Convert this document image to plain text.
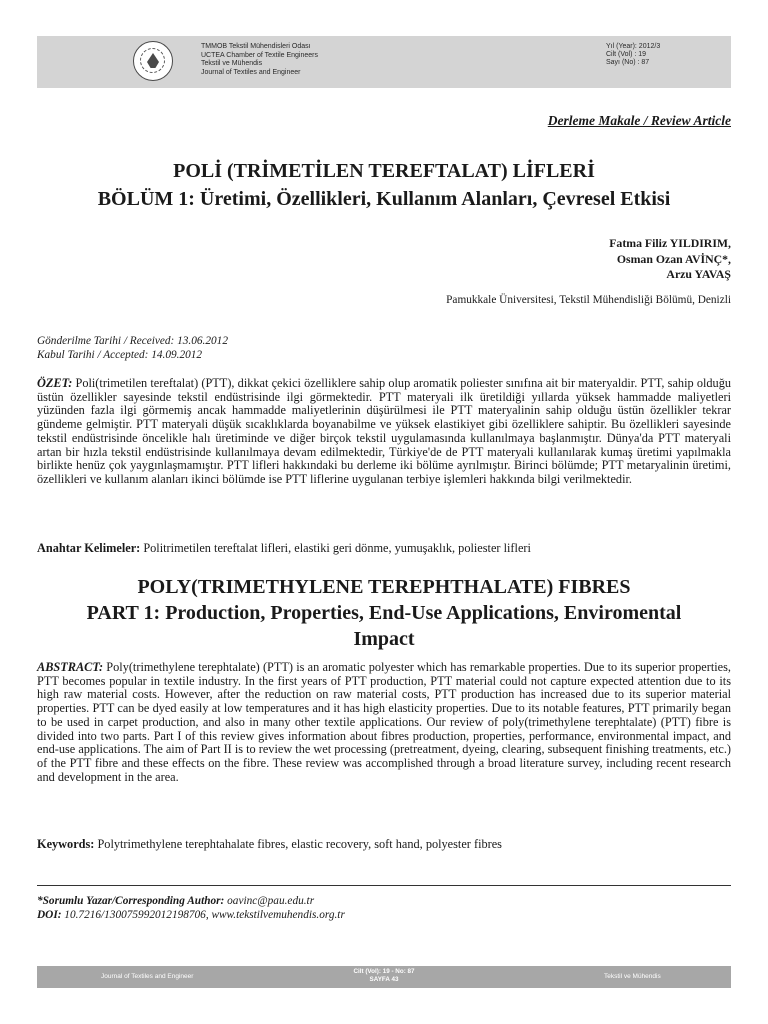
TMMOB Tekstil Mühendisleri Odası
UCTEA Chamber of Textile Engineers
Tekstil ve Mühendis
Journal of Textiles and Engineer
Yıl (Year): 2012/3
Cilt (Vol) : 19
Sayı (No) : 87
Derleme Makale / Review Article
POLİ (TRİMETİLEN TEREFTALAT) LİFLERİ
BÖLÜM 1: Üretimi, Özellikleri, Kullanım Alanları, Çevresel Etkisi
Fatma Filiz YILDIRIM,
Osman Ozan AVİNÇ*,
Arzu YAVAŞ
Pamukkale Üniversitesi, Tekstil Mühendisliği Bölümü, Denizli
Gönderilme Tarihi / Received: 13.06.2012
Kabul Tarihi / Accepted: 14.09.2012
ÖZET: Poli(trimetilen tereftalat) (PTT), dikkat çekici özelliklere sahip olup aromatik poliester sınıfına ait bir materyaldir. PTT, sahip olduğu üstün özellikler sayesinde tekstil endüstrisinde ilgi görmektedir. PTT materyali ilk üretildiği yıllarda yüksek hammadde maliyetleri yüzünden fazla ilgi görmemiş ancak hammadde maliyetlerinin düşürülmesi ile PTT materyalinin sahip olduğu üstün özellikler tekrar gündeme gelmiştir. PTT materyali düşük sıcaklıklarda boyanabilme ve yüksek elastikiyet gibi özelliklere sahiptir. Bu özellikleri sayesinde tekstil endüstrisinde öncelikle halı üretiminde ve diğer birçok tekstil uygulamasında kullanılmaya başlanmıştır. Dünya'da PTT materyali artan bir hızla tekstil endüstrisinde kullanılmaya devam edilmektedir, Türkiye'de de PTT materyali kullanılarak kumaş üretimi yapılmakla birlikte henüz çok yaygınlaşmamıştır. PTT lifleri hakkındaki bu derleme iki bölüme ayrılmıştır. Birinci bölümde; PTT metaryalinin üretimi, özellikleri ve kullanım alanları ikinci bölümde ise PTT liflerine uygulanan terbiye işlemleri hakkında bilgi verilmektedir.
Anahtar Kelimeler: Politrimetilen tereftalat lifleri, elastiki geri dönme, yumuşaklık, poliester lifleri
POLY(TRIMETHYLENE TEREPHTHALATE) FIBRES
PART 1: Production, Properties, End-Use Applications, Enviromental
Impact
ABSTRACT: Poly(trimethylene terephtalate) (PTT) is an aromatic polyester which has remarkable properties. Due to its superior properties, PTT becomes popular in textile industry. In the first years of PTT production, PTT material could not capture expected attention due to its high raw material costs. However, after the reduction on raw material costs, PTT production has increased due to its superior material properties. PTT can be dyed easily at low temperatures and it has high elasticity properties. Due to its notable features, PTT primarily began to be used in carpet production, and also in many other textile applications. Our review of poly(trimethylene terephtalate) (PTT) fibre is divided into two parts. Part I of this review gives information about fibres production, properties, performance, environmental impact, and end-use applications. The aim of Part II is to review the wet processing (pretreatment, dyeing, clearing, subsequent finishing treatments, etc.) of the PTT fibre and these effects on the fibre. These review was accomplished through a broad literature survey, including recent research and development in the area.
Keywords: Polytrimethylene terephtahalate fibres, elastic recovery, soft hand, polyester fibres
*Sorumlu Yazar/Corresponding Author: oavinc@pau.edu.tr
DOI: 10.7216/130075992012198706, www.tekstilvemuhendis.org.tr
Journal of Textiles and Engineer
Cilt (Vol): 19 - No: 87
SAYFA 43	Tekstil ve Mühendis
